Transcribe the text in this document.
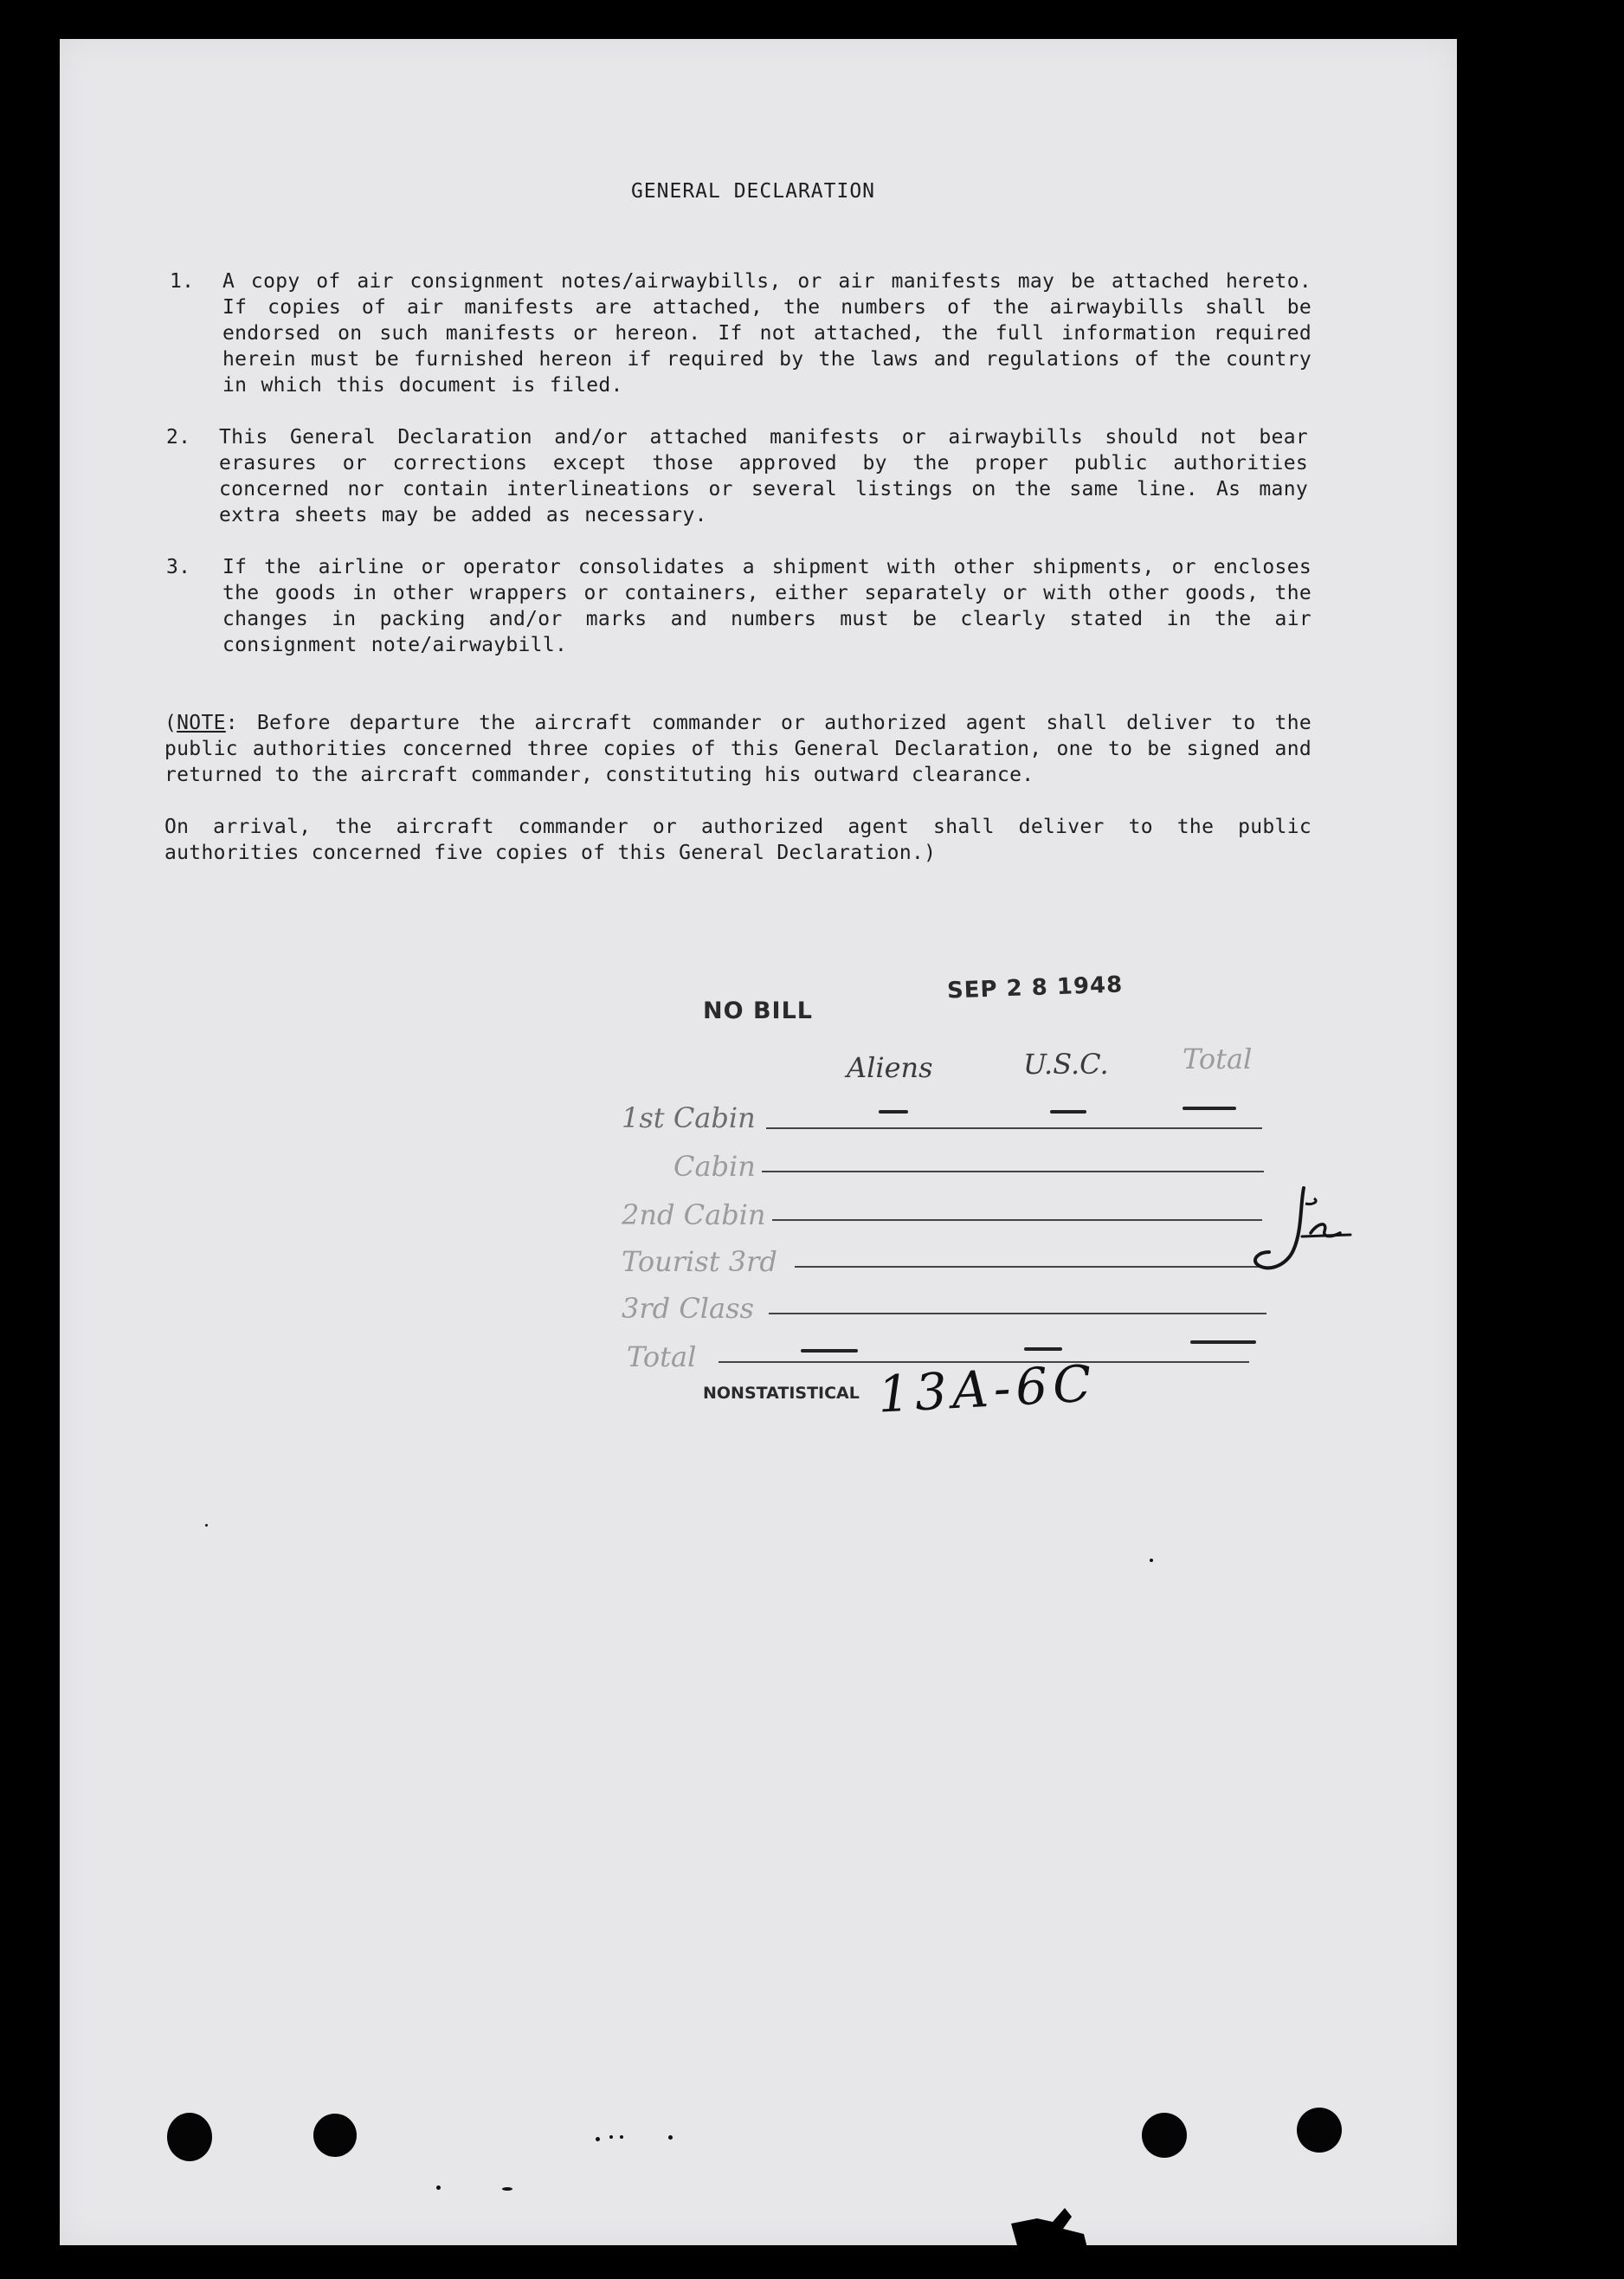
GENERAL DECLARATION
1. A copy of air consignment notes/airwaybills, or air manifests may be attached hereto. If copies of air manifests are attached, the numbers of the airwaybills shall be endorsed on such manifests or hereon. If not attached, the full information required herein must be furnished hereon if required by the laws and regulations of the country in which this document is filed.
2. This General Declaration and/or attached manifests or airwaybills should not bear erasures or corrections except those approved by the proper public authorities concerned nor contain interlineations or several listings on the same line. As many extra sheets may be added as necessary.
3. If the airline or operator consolidates a shipment with other shipments, or encloses the goods in other wrappers or containers, either separately or with other goods, the changes in packing and/or marks and numbers must be clearly stated in the air consignment note/airwaybill.
(NOTE: Before departure the aircraft commander or authorized agent shall deliver to the public authorities concerned three copies of this General Declaration, one to be signed and returned to the aircraft commander, constituting his outward clearance.
On arrival, the aircraft commander or authorized agent shall deliver to the public authorities concerned five copies of this General Declaration.)
NO BILL
SEP 2 8 1948
Aliens	U.S.C.	Total
1st Cabin
Cabin
2nd Cabin
Tourist 3rd
3rd Class
Total
NONSTATISTICAL 13A-6C
